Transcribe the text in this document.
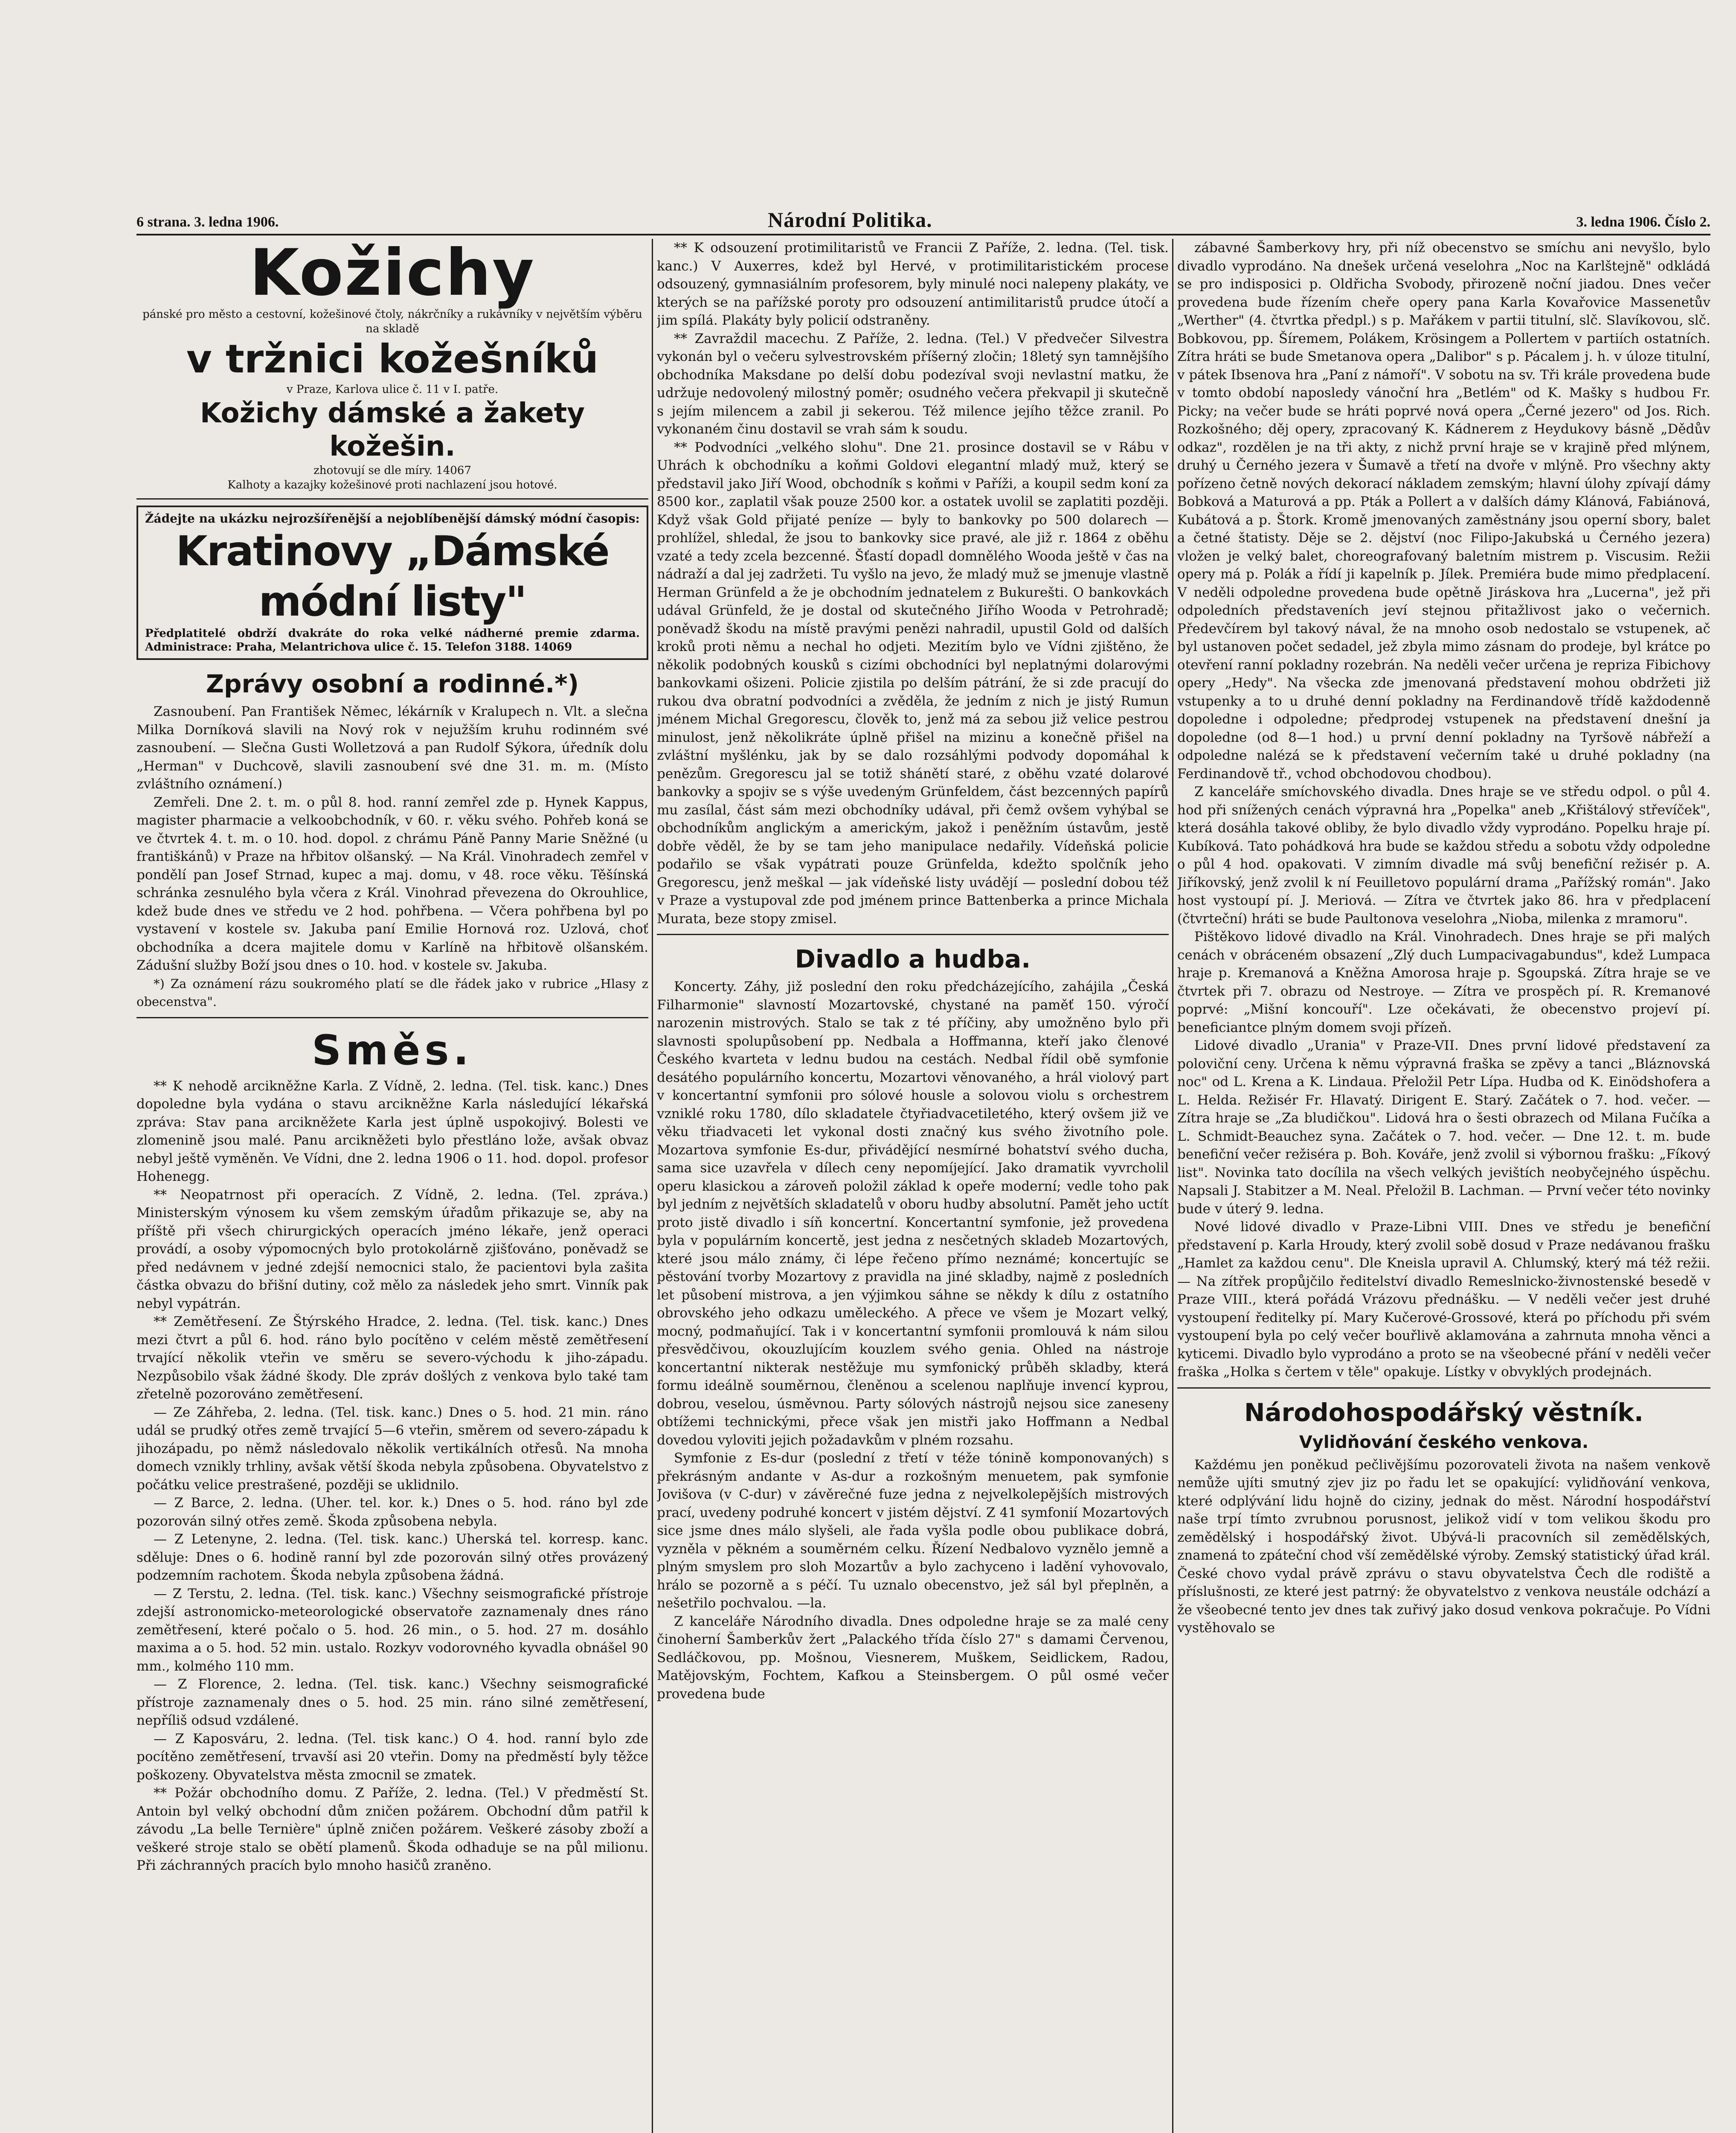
6 strana. 3. ledna 1906.	Národní Politika.	3. ledna 1906. Číslo 2.
Kožichy
pánské pro město a cestovní, kožešinové čtoly, nákrčníky a rukávníky v největším výběru na skladě
v tržnici kožešníků
v Praze, Karlova ulice č. 11 v I. patře.
Kožichy dámské a žakety kožešin.
zhotovují se dle míry. 14067
Kalhoty a kazajky kožešinové proti nachlazení jsou hotové.
Žádejte na ukázku nejrozšířenější a nejoblíbenější dámský módní časopis:
Kratinovy „Dámské módní listy"
Předplatitelé obdrží dvakráte do roka velké nádherné premie zdarma. Administrace: Praha, Melantrichova ulice č. 15. Telefon 3188. 14069
Zprávy osobní a rodinné.*)

Zasnoubení. Pan František Němec, lékárník v Kralupech n. Vlt. a slečna Milka Dorníková slavili na Nový rok v nejužším kruhu rodinném své zasnoubení. — Slečna Gusti Wolletzová a pan Rudolf Sýkora, úředník dolu „Herman" v Duchcově, slavili zasnoubení své dne 31. m. m. (Místo zvláštního oznámení.)

Zemřeli. Dne 2. t. m. o půl 8. hod. ranní zemřel zde p. Hynek Kappus, magister pharmacie a velkoobchodník, v 60. r. věku svého. Pohřeb koná se ve čtvrtek 4. t. m. o 10. hod. dopol. z chrámu Páně Panny Marie Sněžné (u františkánů) v Praze na hřbitov olšanský. — Na Král. Vinohradech zemřel v pondělí pan Josef Strnad, kupec a maj. domu, v 48. roce věku. Těšínská schránka zesnulého byla včera z Král. Vinohrad převezena do Okrouhlice, kdež bude dnes ve středu ve 2 hod. pohřbena. — Včera pohřbena byl po vystavení v kostele sv. Jakuba paní Emilie Hornová roz. Uzlová, choť obchodníka a dcera majitele domu v Karlíně na hřbitově olšanském. Zádušní služby Boží jsou dnes o 10. hod. v kostele sv. Jakuba.

*) Za oznámení rázu soukromého platí se dle řádek jako v rubrice „Hlasy z obecenstva".

Směs.

** K nehodě arcikněžne Karla. Z Vídně, 2. ledna. (Tel. tisk. kanc.) Dnes dopoledne byla vydána o stavu arcikněžne Karla následující lékařská zpráva: Stav pana arcikněžete Karla jest úplně uspokojivý. Bolesti ve zlomenině jsou malé. Panu arcikněžeti bylo přestláno lože, avšak obvaz nebyl ještě vyměněn. Ve Vídni, dne 2. ledna 1906 o 11. hod. dopol. profesor Hohenegg.

** Neopatrnost při operacích. Z Vídně, 2. ledna. (Tel. zpráva.) Ministerským výnosem ku všem zemským úřadům přikazuje se, aby na příště při všech chirurgických operacích jméno lékaře, jenž operaci provádí, a osoby výpomocných bylo protokolárně zjišťováno, poněvadž se před nedávnem v jedné zdejší nemocnici stalo, že pacientovi byla zašita částka obvazu do břišní dutiny, což mělo za následek jeho smrt. Vinník pak nebyl vypátrán.

** Zemětřesení. Ze Štýrského Hradce, 2. ledna. (Tel. tisk. kanc.) Dnes mezi čtvrt a půl 6. hod. ráno bylo pocítěno v celém městě zemětřesení trvající několik vteřin ve směru se severo-východu k jiho-západu. Nezpůsobilo však žádné škody. Dle zpráv došlých z venkova bylo také tam zřetelně pozorováno zemětřesení.

— Ze Záhřeba, 2. ledna. (Tel. tisk. kanc.) Dnes o 5. hod. 21 min. ráno udál se prudký otřes země trvající 5—6 vteřin, směrem od severo-západu k jihozápadu, po němž následovalo několik vertikálních otřesů. Na mnoha domech vznikly trhliny, avšak větší škoda nebyla způsobena. Obyvatelstvo z počátku velice prestrašené, později se uklidnilo.

— Z Barce, 2. ledna. (Uher. tel. kor. k.) Dnes o 5. hod. ráno byl zde pozorován silný otřes země. Škoda způsobena nebyla.

— Z Letenyne, 2. ledna. (Tel. tisk. kanc.) Uherská tel. korresp. kanc. sděluje: Dnes o 6. hodině ranní byl zde pozorován silný otřes provázený podzemním rachotem. Škoda nebyla způsobena žádná.

— Z Terstu, 2. ledna. (Tel. tisk. kanc.) Všechny seismografické přístroje zdejší astronomicko-meteorologické observatoře zaznamenaly dnes ráno zemětřesení, které počalo o 5. hod. 26 min., o 5. hod. 27 m. dosáhlo maxima a o 5. hod. 52 min. ustalo. Rozkyv vodorovného kyvadla obnášel 90 mm., kolmého 110 mm.

— Z Florence, 2. ledna. (Tel. tisk. kanc.) Všechny seismografické přístroje zaznamenaly dnes o 5. hod. 25 min. ráno silné zemětřesení, nepříliš odsud vzdálené.

— Z Kaposváru, 2. ledna. (Tel. tisk kanc.) O 4. hod. ranní bylo zde pocítěno zemětřesení, trvavší asi 20 vteřin. Domy na předměstí byly těžce poškozeny. Obyvatelstva města zmocnil se zmatek.

** Požár obchodního domu. Z Paříže, 2. ledna. (Tel.) V předměstí St. Antoin byl velký obchodní dům zničen požárem. Obchodní dům patřil k závodu „La belle Ternière" úplně zničen požárem. Veškeré zásoby zboží a veškeré stroje stalo se obětí plamenů. Škoda odhaduje se na půl milionu. Při záchranných pracích bylo mnoho hasičů zraněno.

** K odsouzení protimilitaristů ve Francii Z Paříže, 2. ledna. (Tel. tisk. kanc.) V Auxerres, kdež byl Hervé, v protimilitaristickém procese odsouzený, gymnasiálním profesorem, byly minulé noci nalepeny plakáty, ve kterých se na pařížské poroty pro odsouzení antimilitaristů prudce útočí a jim spílá. Plakáty byly policií odstraněny.

** Zavraždil macechu. Z Paříže, 2. ledna. (Tel.) V předvečer Silvestra vykonán byl o večeru sylvestrovském příšerný zločin; 18letý syn tamnějšího obchodníka Maksdane po delší dobu podezíval svoji nevlastní matku, že udržuje nedovolený milostný poměr; osudného večera překvapil ji skutečně s jejím milencem a zabil ji sekerou. Též milence jejího těžce zranil. Po vykonaném činu dostavil se vrah sám k soudu.

** Podvodníci „velkého slohu". Dne 21. prosince dostavil se v Rábu v Uhrách k obchodníku a koňmi Goldovi elegantní mladý muž, který se představil jako Jiří Wood, obchodník s koňmi v Paříži, a koupil sedm koní za 8500 kor., zaplatil však pouze 2500 kor. a ostatek uvolil se zaplatiti později. Když však Gold přijaté peníze — byly to bankovky po 500 dolarech — prohlížel, shledal, že jsou to bankovky sice pravé, ale již r. 1864 z oběhu vzaté a tedy zcela bezcenné. Šťastí dopadl domnělého Wooda ještě v čas na nádraží a dal jej zadržeti. Tu vyšlo na jevo, že mladý muž se jmenuje vlastně Herman Grünfeld a že je obchodním jednatelem z Bukurešti. O bankovkách udával Grünfeld, že je dostal od skutečného Jiřího Wooda v Petrohradě; poněvadž škodu na místě pravými penězi nahradil, upustil Gold od dalších kroků proti němu a nechal ho odjeti. Mezitím bylo ve Vídni zjištěno, že několik podobných kousků s cizími obchodníci byl neplatnými dolarovými bankovkami ošizeni. Policie zjistila po delším pátrání, že si zde pracují do rukou dva obratní podvodníci a zvěděla, že jedním z nich je jistý Rumun jménem Michal Gregorescu, člověk to, jenž má za sebou již velice pestrou minulost, jenž několikráte úplně přišel na mizinu a konečně přišel na zvláštní myšlénku, jak by se dalo rozsáhlými podvody dopomáhal k penězům. Gregorescu jal se totiž shánětí staré, z oběhu vzaté dolarové bankovky a spojiv se s výše uvedeným Grünfeldem, část bezcenných papírů mu zasílal, část sám mezi obchodníky udával, při čemž ovšem vyhýbal se obchodníkům anglickým a americkým, jakož i peněžním ústavům, jestě dobře věděl, že by se tam jeho manipulace nedařily. Vídeňská policie podařilo se však vypátrati pouze Grünfelda, kdežto spolčník jeho Gregorescu, jenž meškal — jak vídeňské listy uvádějí — poslední dobou též v Praze a vystupoval zde pod jménem prince Battenberka a prince Michala Murata, beze stopy zmisel.

Divadlo a hudba.

Koncerty. Záhy, již poslední den roku předcházejícího, zahájila „Česká Filharmonie" slavností Mozartovské, chystané na paměť 150. výročí narozenin mistrových. Stalo se tak z té příčiny, aby umožněno bylo při slavnosti spolupůsobení pp. Nedbala a Hoffmanna, kteří jako členové Českého kvarteta v lednu budou na cestách. Nedbal řídil obě symfonie desátého populárního koncertu, Mozartovi věnovaného, a hrál violový part v koncertantní symfonii pro sólové housle a solovou violu s orchestrem vzniklé roku 1780, dílo skladatele čtyřiadvacetiletého, který ovšem již ve věku třiadvaceti let vykonal dosti značný kus svého životního pole. Mozartova symfonie Es-dur, přivádějící nesmírné bohatství svého ducha, sama sice uzavřela v dílech ceny nepomíjející. Jako dramatik vyvrcholil operu klasickou a zároveň položil základ k opeře moderní; vedle toho pak byl jedním z největších skladatelů v oboru hudby absolutní. Pamět jeho uctít proto jistě divadlo i síň koncertní. Koncertantní symfonie, jež provedena byla v populárním koncertě, jest jedna z nesčetných skladeb Mozartových, které jsou málo známy, či lépe řečeno přímo neznámé; koncertujíc se pěstování tvorby Mozartovy z pravidla na jiné skladby, najmě z posledních let působení mistrova, a jen výjimkou sáhne se někdy k dílu z ostatního obrovského jeho odkazu uměleckého. A přece ve všem je Mozart velký, mocný, podmaňující. Tak i v koncertantní symfonii promlouvá k nám silou přesvědčivou, okouzlujícím kouzlem svého genia. Ohled na nástroje koncertantní nikterak nestěžuje mu symfonický průběh skladby, která formu ideálně souměrnou, členěnou a scelenou naplňuje invencí kyprou, dobrou, veselou, úsměvnou. Party sólových nástrojů nejsou sice zaneseny obtížemi technickými, přece však jen mistři jako Hoffmann a Nedbal dovedou vyloviti jejich požadavkům v plném rozsahu.

Symfonie z Es-dur (poslední z třetí v téže tónině komponovaných) s překrásným andante v As-dur a rozkošným menuetem, pak symfonie Jovišova (v C-dur) v závěrečné fuze jedna z nejvelkolepějších mistrových prací, uvedeny podruhé koncert v jistém dějství. Z 41 symfonií Mozartových sice jsme dnes málo slyšeli, ale řada vyšla podle obou publikace dobrá, vyzněla v pěkném a souměrném celku. Řízení Nedbalovo vyznělo jemně a plným smyslem pro sloh Mozartův a bylo zachyceno i ladění vyhovovalo, hrálo se pozorně a s péčí. Tu uznalo obecenstvo, jež sál byl přeplněn, a nešetřilo pochvalou. —la.

Z kanceláře Národního divadla. Dnes odpoledne hraje se za malé ceny činoherní Šamberkův žert „Palackého třída číslo 27" s damami Červenou, Sedláčkovou, pp. Mošnou, Viesnerem, Muškem, Seidlickem, Radou, Matějovským, Fochtem, Kafkou a Steinsbergem. O půl osmé večer provedena bude

zábavné Šamberkovy hry, při níž obecenstvo se smíchu ani nevyšlo, bylo divadlo vyprodáno. Na dnešek určená veselohra „Noc na Karlštejně" odkládá se pro indisposici p. Oldřicha Svobody, přirozeně noční jiadou. Dnes večer provedena bude řízením cheře opery pana Karla Kovařovice Massenetův „Werther" (4. čtvrtka předpl.) s p. Mařákem v partii titulní, slč. Slavíkovou, slč. Bobkovou, pp. Šíremem, Polákem, Krösingem a Pollertem v partiích ostatních. Zítra hráti se bude Smetanova opera „Dalibor" s p. Pácalem j. h. v úloze titulní, v pátek Ibsenova hra „Paní z námoří". V sobotu na sv. Tři krále provedena bude v tomto období naposledy vánoční hra „Betlém" od K. Mašky s hudbou Fr. Picky; na večer bude se hráti poprvé nová opera „Černé jezero" od Jos. Rich. Rozkošného; děj opery, zpracovaný K. Kádnerem z Heydukovy básně „Dědův odkaz", rozdělen je na tři akty, z nichž první hraje se v krajině před mlýnem, druhý u Černého jezera v Šumavě a třetí na dvoře v mlýně. Pro všechny akty pořízeno četně nových dekorací nákladem zemským; hlavní úlohy zpívají dámy Bobková a Maturová a pp. Pták a Pollert a v dalších dámy Klánová, Fabiánová, Kubátová a p. Štork. Kromě jmenovaných zaměstnány jsou operní sbory, balet a četné štatisty. Děje se 2. dějství (noc Filipo-Jakubská u Černého jezera) vložen je velký balet, choreografovaný baletním mistrem p. Viscusim. Režii opery má p. Polák a řídí ji kapelník p. Jílek. Premiéra bude mimo předplacení. V neděli odpoledne provedena bude opětně Jiráskova hra „Lucerna", jež při odpoledních představeních jeví stejnou přitažlivost jako o večernich. Předevčírem byl takový nával, že na mnoho osob nedostalo se vstupenek, ač byl ustanoven počet sedadel, jež zbyla mimo zásnam do prodeje, byl krátce po otevření ranní pokladny rozebrán. Na neděli večer určena je repriza Fibichovy opery „Hedy". Na všecka zde jmenovaná představení mohou obdržeti již vstupenky a to u druhé denní pokladny na Ferdinandově třídě každodenně dopoledne i odpoledne; předprodej vstupenek na představení dnešní ja dopoledne (od 8—1 hod.) u první denní pokladny na Tyršově nábřeží a odpoledne nalézá se k představení večerním také u druhé pokladny (na Ferdinandově tř., vchod obchodovou chodbou).

Z kanceláře smíchovského divadla. Dnes hraje se ve středu odpol. o půl 4. hod při snížených cenách výpravná hra „Popelka" aneb „Křištálový střevíček", která dosáhla takové obliby, že bylo divadlo vždy vyprodáno. Popelku hraje pí. Kubíková. Tato pohádková hra bude se každou středu a sobotu vždy odpoledne o půl 4 hod. opakovati. V zimním divadle má svůj benefiční režisér p. A. Jiříkovský, jenž zvolil k ní Feuilletovo populární drama „Pařížský román". Jako host vystoupí pí. J. Meriová. — Zítra ve čtvrtek jako 86. hra v předplacení (čtvrteční) hráti se bude Paultonova veselohra „Nioba, milenka z mramoru".

Pištěkovo lidové divadlo na Král. Vinohradech. Dnes hraje se při malých cenách v obráceném obsazení „Zlý duch Lumpacivagabundus", kdež Lumpaca hraje p. Kremanová a Kněžna Amorosa hraje p. Sgoupská. Zítra hraje se ve čtvrtek při 7. obrazu od Nestroye. — Zítra ve prospěch pí. R. Kremanové poprvé: „Mišní koncouří". Lze očekávati, že obecenstvo projeví pí. beneficiantce plným domem svoji přízeň.

Lidové divadlo „Urania" v Praze-VII. Dnes první lidové představení za poloviční ceny. Určena k němu výpravná fraška se zpěvy a tanci „Bláznovská noc" od L. Krena a K. Lindaua. Přeložil Petr Lípa. Hudba od K. Einödshofera a L. Helda. Režisér Fr. Hlavatý. Dirigent E. Starý. Začátek o 7. hod. večer. — Zítra hraje se „Za bludičkou". Lidová hra o šesti obrazech od Milana Fučíka a L. Schmidt-Beauchez syna. Začátek o 7. hod. večer. — Dne 12. t. m. bude benefiční večer režiséra p. Boh. Kováře, jenž zvolil si výbornou frašku: „Fíkový list". Novinka tato docílila na všech velkých jevištích neobyčejného úspěchu. Napsali J. Stabitzer a M. Neal. Přeložil B. Lachman. — První večer této novinky bude v úterý 9. ledna.

Nové lidové divadlo v Praze-Libni VIII. Dnes ve středu je benefiční představení p. Karla Hroudy, který zvolil sobě dosud v Praze nedávanou frašku „Hamlet za každou cenu". Dle Kneisla upravil A. Chlumský, který má též režii. — Na zítřek propůjčilo ředitelství divadlo Remeslnicko-živnostenské besedě v Praze VIII., která pořádá Vrázovu přednášku. — V neděli večer jest druhé vystoupení ředitelky pí. Mary Kučerové-Grossové, která po příchodu při svém vystoupení byla po celý večer bouřlivě aklamována a zahrnuta mnoha věnci a kyticemi. Divadlo bylo vyprodáno a proto se na všeobecné přání v neděli večer fraška „Holka s čertem v těle" opakuje. Lístky v obvyklých prodejnách.

Národohospodářský věstník.
Vylidňování českého venkova.

Každému jen poněkud pečlivějšímu pozorovateli života na našem venkově nemůže ujíti smutný zjev jiz po řadu let se opakující: vylidňování venkova, které odplývání lidu hojně do ciziny, jednak do měst. Národní hospodářství naše trpí tímto zvrubnou porusnost, jelikož vidí v tom velikou škodu pro zemědělský i hospodářský život. Ubývá-li pracovních sil zemědělských, znamená to zpáteční chod vší zemědělské výroby. Zemský statistický úřad král. České chovo vydal právě zprávu o stavu obyvatelstva Čech dle rodiště a příslušnosti, ze které jest patrný: že obyvatelstvo z venkova neustále odchází a že všeobecné tento jev dnes tak zuřivý jako dosud venkova pokračuje. Po Vídni vystěhovalo se
